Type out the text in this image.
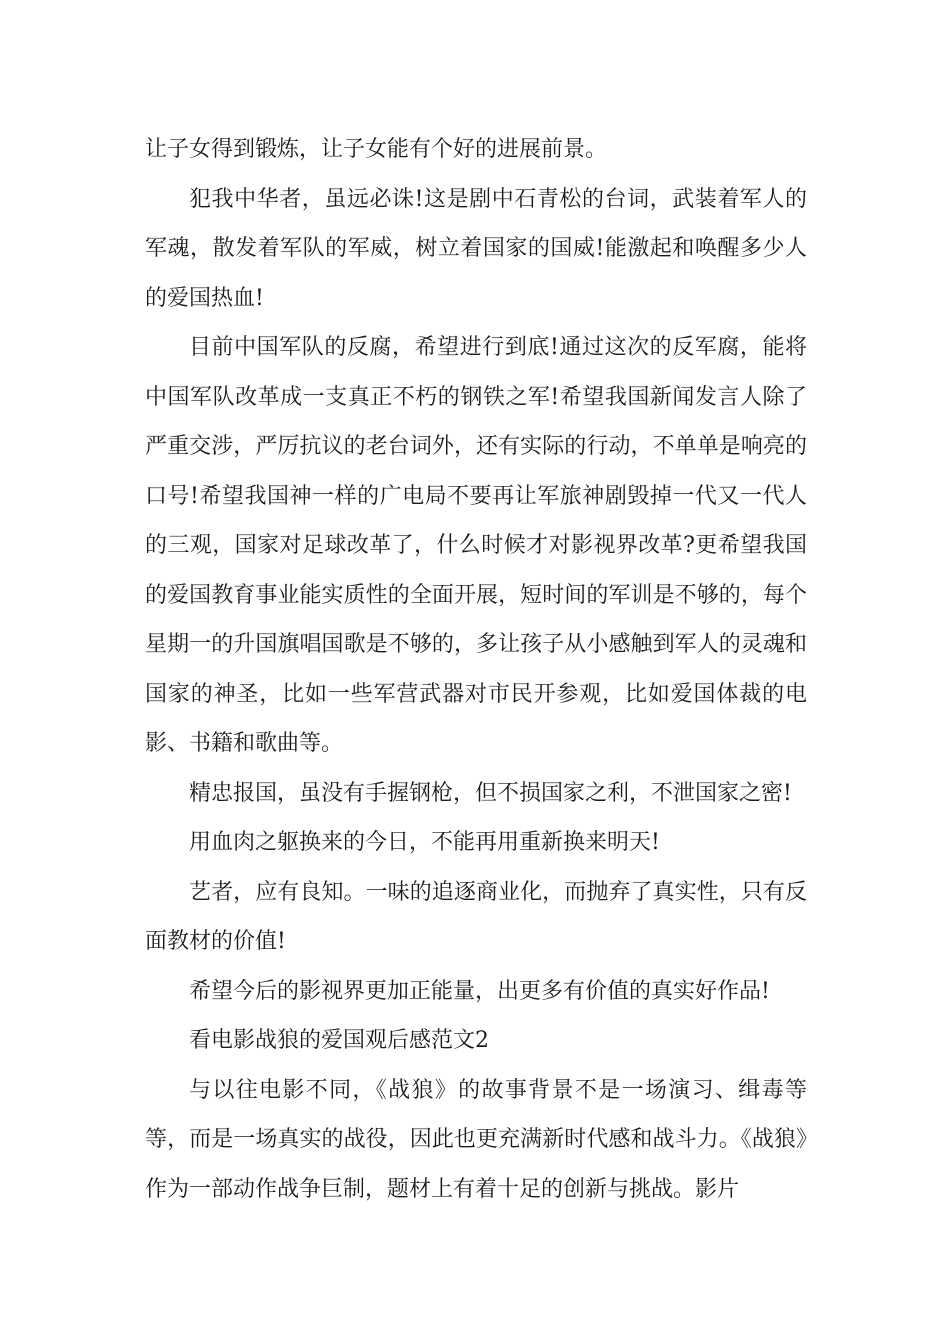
让子女得到锻炼，让子女能有个好的进展前景。

犯我中华者，虽远必诛!这是剧中石青松的台词，武装着军人的军魂，散发着军队的军威，树立着国家的国威!能激起和唤醒多少人的爱国热血!

目前中国军队的反腐，希望进行到底!通过这次的反军腐，能将中国军队改革成一支真正不朽的钢铁之军!希望我国新闻发言人除了严重交涉，严厉抗议的老台词外，还有实际的行动，不单单是响亮的口号!希望我国神一样的广电局不要再让军旅神剧毁掉一代又一代人的三观，国家对足球改革了，什么时候才对影视界改革?更希望我国的爱国教育事业能实质性的全面开展，短时间的军训是不够的，每个星期一的升国旗唱国歌是不够的，多让孩子从小感触到军人的灵魂和国家的神圣，比如一些军营武器对市民开参观，比如爱国体裁的电影、书籍和歌曲等。

精忠报国，虽没有手握钢枪，但不损国家之利，不泄国家之密!

用血肉之躯换来的今日，不能再用重新换来明天!

艺者，应有良知。一味的追逐商业化，而抛弃了真实性，只有反面教材的价值!

希望今后的影视界更加正能量，出更多有价值的真实好作品!

看电影战狼的爱国观后感范文2

与以往电影不同，《战狼》的故事背景不是一场演习、缉毒等等，而是一场真实的战役，因此也更充满新时代感和战斗力。《战狼》作为一部动作战争巨制，题材上有着十足的创新与挑战。影片
